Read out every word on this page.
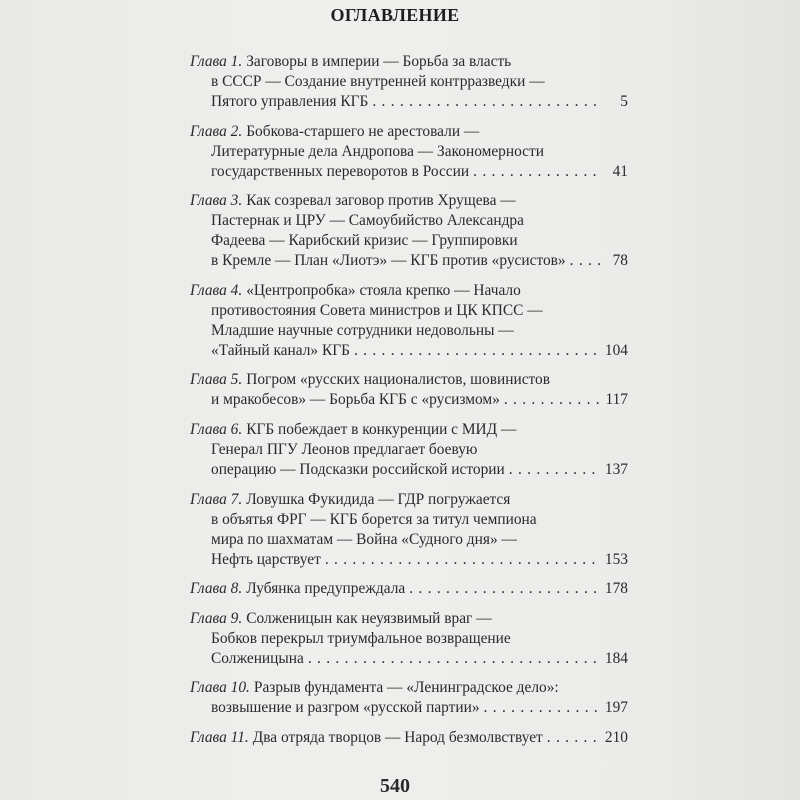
ОГЛАВЛЕНИЕ
Глава 1. Заговоры в империи — Борьба за власть
в СССР — Создание внутренней контрразведки —
Пятого управления КГБ . . .	5
Глава 2. Бобкова-старшего не арестовали —
Литературные дела Андропова — Закономерности
государственных переворотов в России . . .	41
Глава 3. Как созревал заговор против Хрущева —
Пастернак и ЦРУ — Самоубийство Александра
Фадеева — Карибский кризис — Группировки
в Кремле — План «Лиотэ» — КГБ против «русистов» . . .	78
Глава 4. «Центропробка» стояла крепко — Начало
противостояния Совета министров и ЦК КПСС —
Младшие научные сотрудники недовольны —
«Тайный канал» КГБ . . .	104
Глава 5. Погром «русских националистов, шовинистов
и мракобесов» — Борьба КГБ с «русизмом» . . .	117
Глава 6. КГБ побеждает в конкуренции с МИД —
Генерал ПГУ Леонов предлагает боевую
операцию — Подсказки российской истории . . .	137
Глава 7. Ловушка Фукидида — ГДР погружается
в объятья ФРГ — КГБ борется за титул чемпиона
мира по шахматам — Война «Судного дня» —
Нефть царствует . . .	153
Глава 8. Лубянка предупреждала . . .	178
Глава 9. Солженицын как неуязвимый враг —
Бобков перекрыл триумфальное возвращение
Солженицына . . .	184
Глава 10. Разрыв фундамента — «Ленинградское дело»:
возвышение и разгром «русской партии» . . .	197
Глава 11. Два отряда творцов — Народ безмолвствует . . .	210
540
